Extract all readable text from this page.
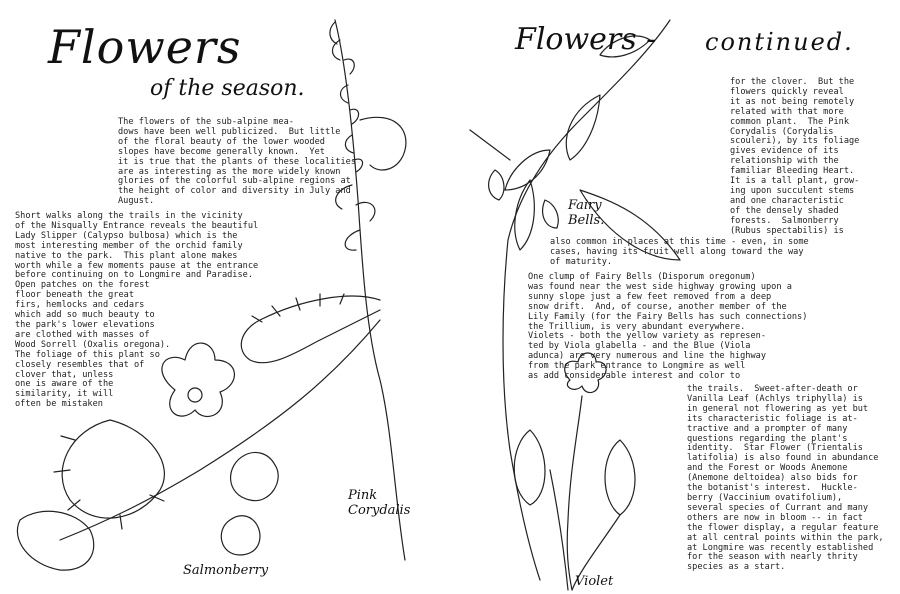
Flowers
of the season.
The flowers of the sub-alpine mea-
dows have been well publicized.  But little
of the floral beauty of the lower wooded
slopes have become generally known.  Yet
it is true that the plants of these localities
are as interesting as the more widely known
glories of the colorful sub-alpine regions at
the height of color and diversity in July and
August.
Short walks along the trails in the vicinity
of the Nisqually Entrance reveals the beautiful
Lady Slipper (Calypso bulbosa) which is the
most interesting member of the orchid family
native to the park.  This plant alone makes
worth while a few moments pause at the entrance
before continuing on to Longmire and Paradise.
Open patches on the forest
floor beneath the great
firs, hemlocks and cedars
which add so much beauty to
the park's lower elevations
are clothed with masses of
Wood Sorrell (Oxalis oregona).
The foliage of this plant so
closely resembles that of
clover that, unless
one is aware of the
similarity, it will
often be mistaken
Pink
Corydalis
Salmonberry
Flowers - continued.
for the clover.  But the
flowers quickly reveal
it as not being remotely
related with that more
common plant.  The Pink
Corydalis (Corydalis
scouleri), by its foliage
gives evidence of its
relationship with the
familiar Bleeding Heart.
It is a tall plant, grow-
ing upon succulent stems
and one characteristic
of the densely shaded
forests.  Salmonberry
(Rubus spectabilis) is
also common in places at this time - even, in some
cases, having its fruit well along toward the way
of maturity.
One clump of Fairy Bells (Disporum oregonum)
was found near the west side highway growing upon a
sunny slope just a few feet removed from a deep
snow drift.  And, of course, another member of the
Lily Family (for the Fairy Bells has such connections)
the Trillium, is very abundant everywhere.
Violets - both the yellow variety as represen-
ted by Viola glabella - and the Blue (Viola
adunca) are very numerous and line the highway
from the park entrance to Longmire as well
as add considerable interest and color to
the trails.  Sweet-after-death or
Vanilla Leaf (Achlys triphylla) is
in general not flowering as yet but
its characteristic foliage is at-
tractive and a prompter of many
questions regarding the plant's
identity.  Star Flower (Trientalis
latifolia) is also found in abundance
and the Forest or Woods Anemone
(Anemone deltoidea) also bids for
the botanist's interest.  Huckle-
berry (Vaccinium ovatifolium),
several species of Currant and many
others are now in bloom -- in fact
the flower display, a regular feature
at all central points within the park,
at Longmire was recently established
for the season with nearly thrity
species as a start.
Fairy
Bells.
Violet
